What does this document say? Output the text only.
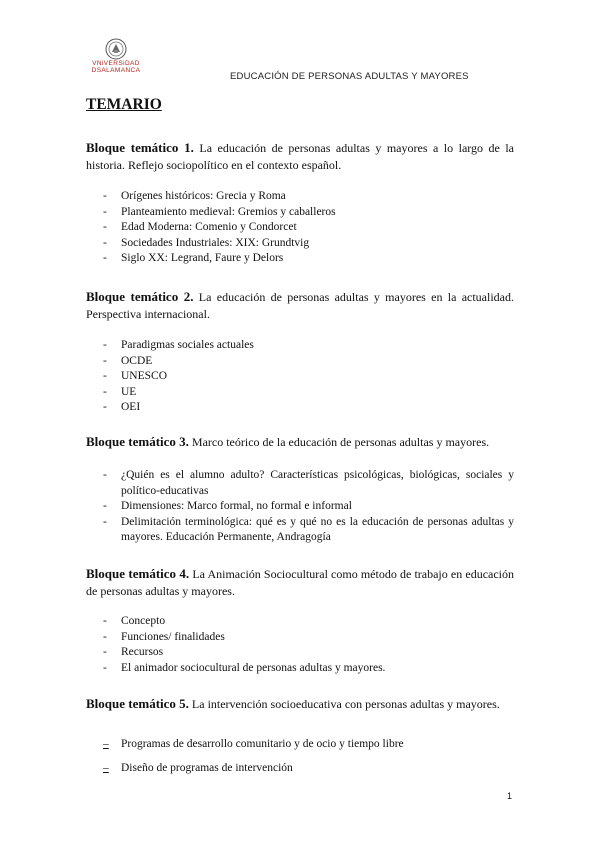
VNiVERSiDAD
DSALAMANCA
EDUCACIÓN DE PERSONAS ADULTAS Y MAYORES
TEMARIO

Bloque temático 1. La educación de personas adultas y mayores a lo largo de la historia. Reflejo sociopolítico en el contexto español.

- Orígenes históricos: Grecia y Roma
- Planteamiento medieval: Gremios y caballeros
- Edad Moderna: Comenio y Condorcet
- Sociedades Industriales: XIX: Grundtvig
- Siglo XX: Legrand, Faure y Delors

Bloque temático 2. La educación de personas adultas y mayores en la actualidad. Perspectiva internacional.

- Paradigmas sociales actuales
- OCDE
- UNESCO
- UE
- OEI

Bloque temático 3. Marco teórico de la educación de personas adultas y mayores.

- ¿Quién es el alumno adulto? Características psicológicas, biológicas, sociales y político-educativas
- Dimensiones: Marco formal, no formal e informal
- Delimitación terminológica: qué es y qué no es la educación de personas adultas y mayores. Educación Permanente, Andragogía

Bloque temático 4. La Animación Sociocultural como método de trabajo en educación de personas adultas y mayores.

- Concepto
- Funciones/ finalidades
- Recursos
- El animador sociocultural de personas adultas y mayores.

Bloque temático 5. La intervención socioeducativa con personas adultas y mayores.

– Programas de desarrollo comunitario y de ocio y tiempo libre
– Diseño de programas de intervención
1
